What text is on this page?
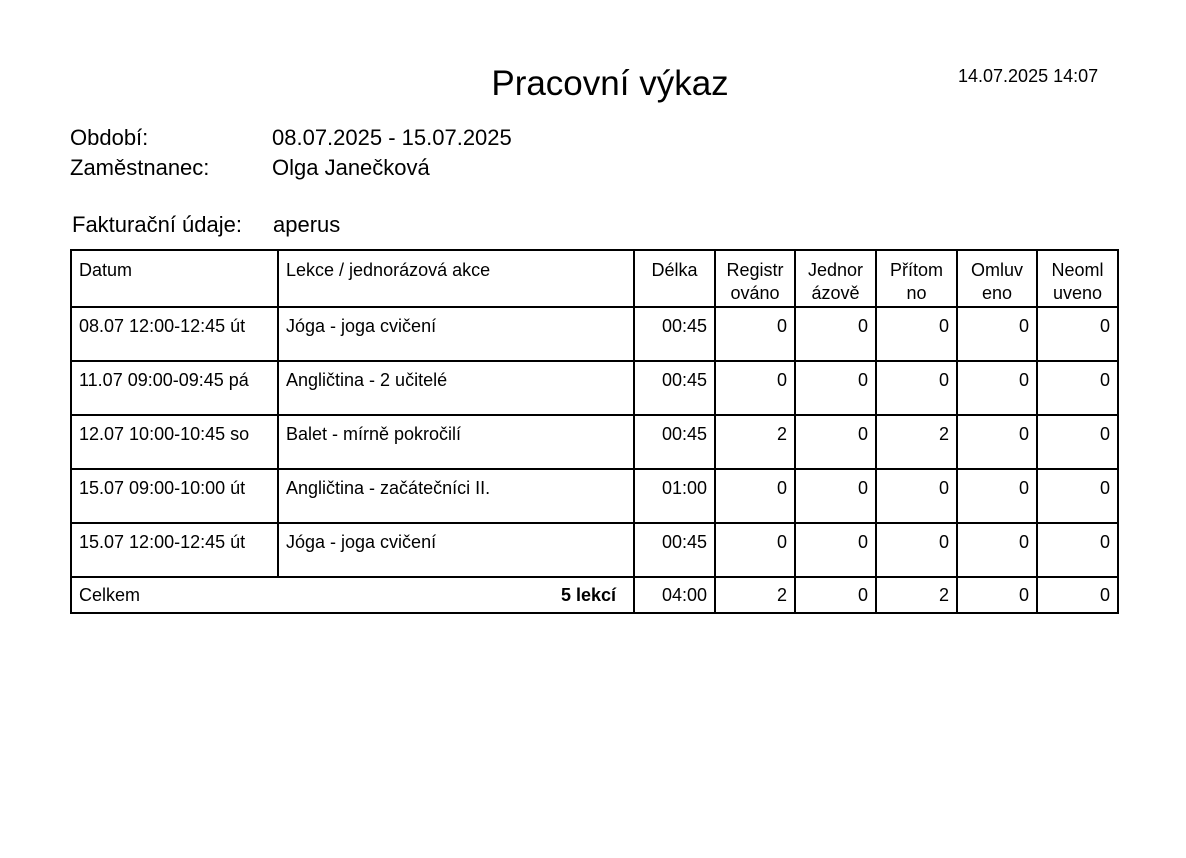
Pracovní výkaz	14.07.2025 14:07
Období:	08.07.2025 - 15.07.2025
Zaměstnanec:	Olga Janečková
Fakturační údaje: aperus
Datum	Lekce / jednorázová akce	Délka	Registr ováno	Jednor ázově	Přítom no	Omluv eno	Neoml uveno
08.07 12:00-12:45 út	Jóga - joga cvičení	00:45	0	0	0	0	0
11.07 09:00-09:45 pá	Angličtina - 2 učitelé	00:45	0	0	0	0	0
12.07 10:00-10:45 so	Balet - mírně pokročilí	00:45	2	0	2	0	0
15.07 09:00-10:00 út	Angličtina - začátečníci II.	01:00	0	0	0	0	0
15.07 12:00-12:45 út	Jóga - joga cvičení	00:45	0	0	0	0	0
Celkem 5 lekcí		04:00	2	0	2	0	0
